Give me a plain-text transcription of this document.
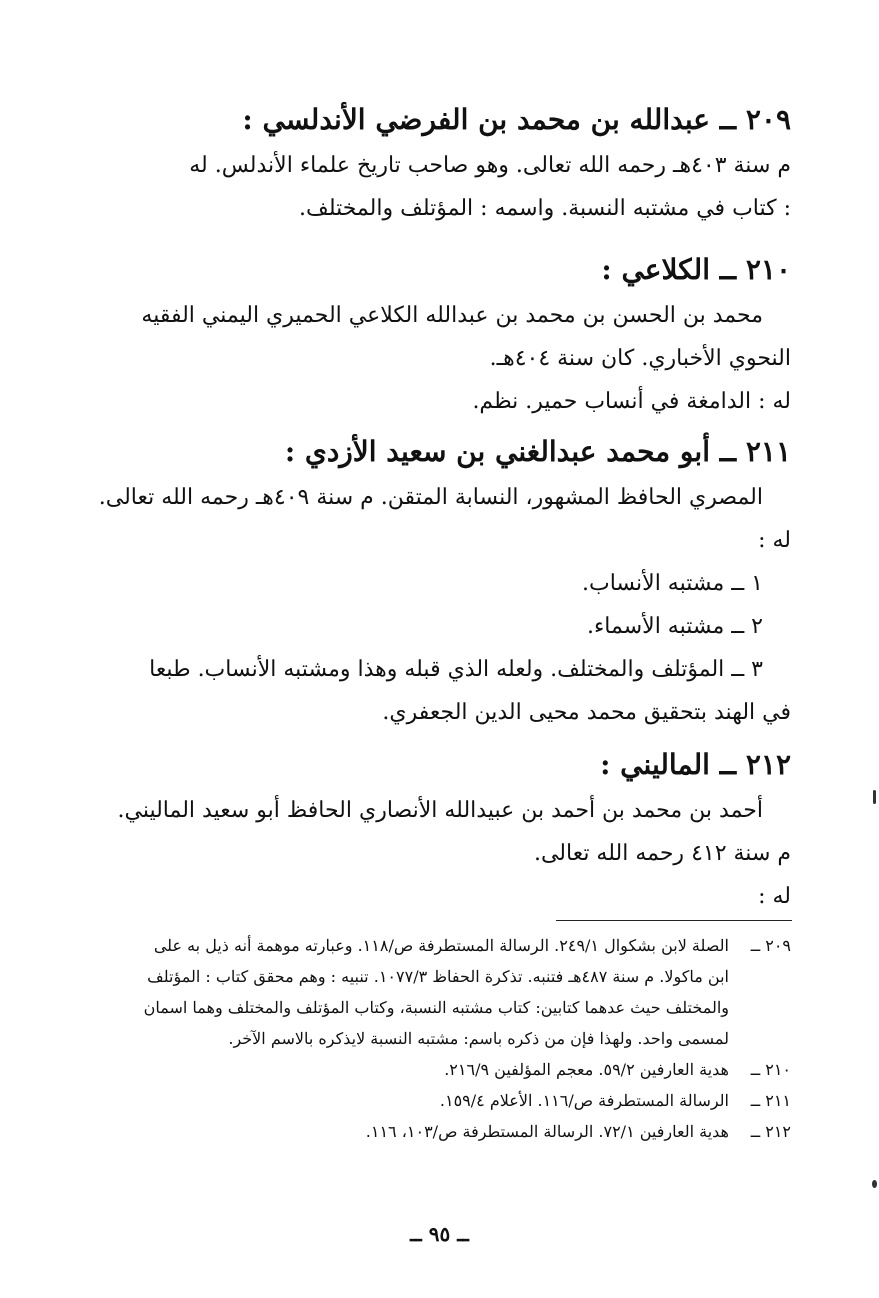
٢٠٩ ــ عبدالله بن محمد بن الفرضي الأندلسي :
م سنة ٤٠٣هـ رحمه الله تعالى. وهو صاحب تاريخ علماء الأندلس. له
: كتاب في مشتبه النسبة. واسمه : المؤتلف والمختلف.
٢١٠ ــ الكلاعي :
محمد بن الحسن بن محمد بن عبدالله الكلاعي الحميري اليمني الفقيه
النحوي الأخباري. كان سنة ٤٠٤هـ.
له : الدامغة في أنساب حمير. نظم.
٢١١ ــ أبو محمد عبدالغني بن سعيد الأزدي :
المصري الحافظ المشهور، النسابة المتقن. م سنة ٤٠٩هـ رحمه الله تعالى.
له :
١ ــ مشتبه الأنساب.
٢ ــ مشتبه الأسماء.
٣ ــ المؤتلف والمختلف. ولعله الذي قبله وهذا ومشتبه الأنساب. طبعا
في الهند بتحقيق محمد محيى الدين الجعفري.
٢١٢ ــ المالیني :
أحمد بن محمد بن أحمد بن عبيدالله الأنصاري الحافظ أبو سعيد الماليني.
م سنة ٤١٢ رحمه الله تعالى.
له :
٢٠٩ ــ
الصلة لابن بشكوال ٢٤٩/١. الرسالة المستطرفة ص/١١٨. وعبارته موهمة أنه ذيل به على ابن ماكولا. م سنة ٤٨٧هـ فتنبه. تذكرة الحفاظ ١٠٧٧/٣. تنبيه : وهم محقق كتاب : المؤتلف والمختلف حيث عدهما كتابين: كتاب مشتبه النسبة، وكتاب المؤتلف والمختلف وهما اسمان لمسمى واحد. ولهذا فإن من ذكره باسم: مشتبه النسبة لايذكره بالاسم الآخر.
٢١٠ ــ
هدية العارفين ٥٩/٢. معجم المؤلفين ٢١٦/٩.
٢١١ ــ
الرسالة المستطرفة ص/١١٦. الأعلام ١٥٩/٤.
٢١٢ ــ
هدية العارفين ٧٢/١. الرسالة المستطرفة ص/١٠٣، ١١٦.
ــ ٩٥ ــ
